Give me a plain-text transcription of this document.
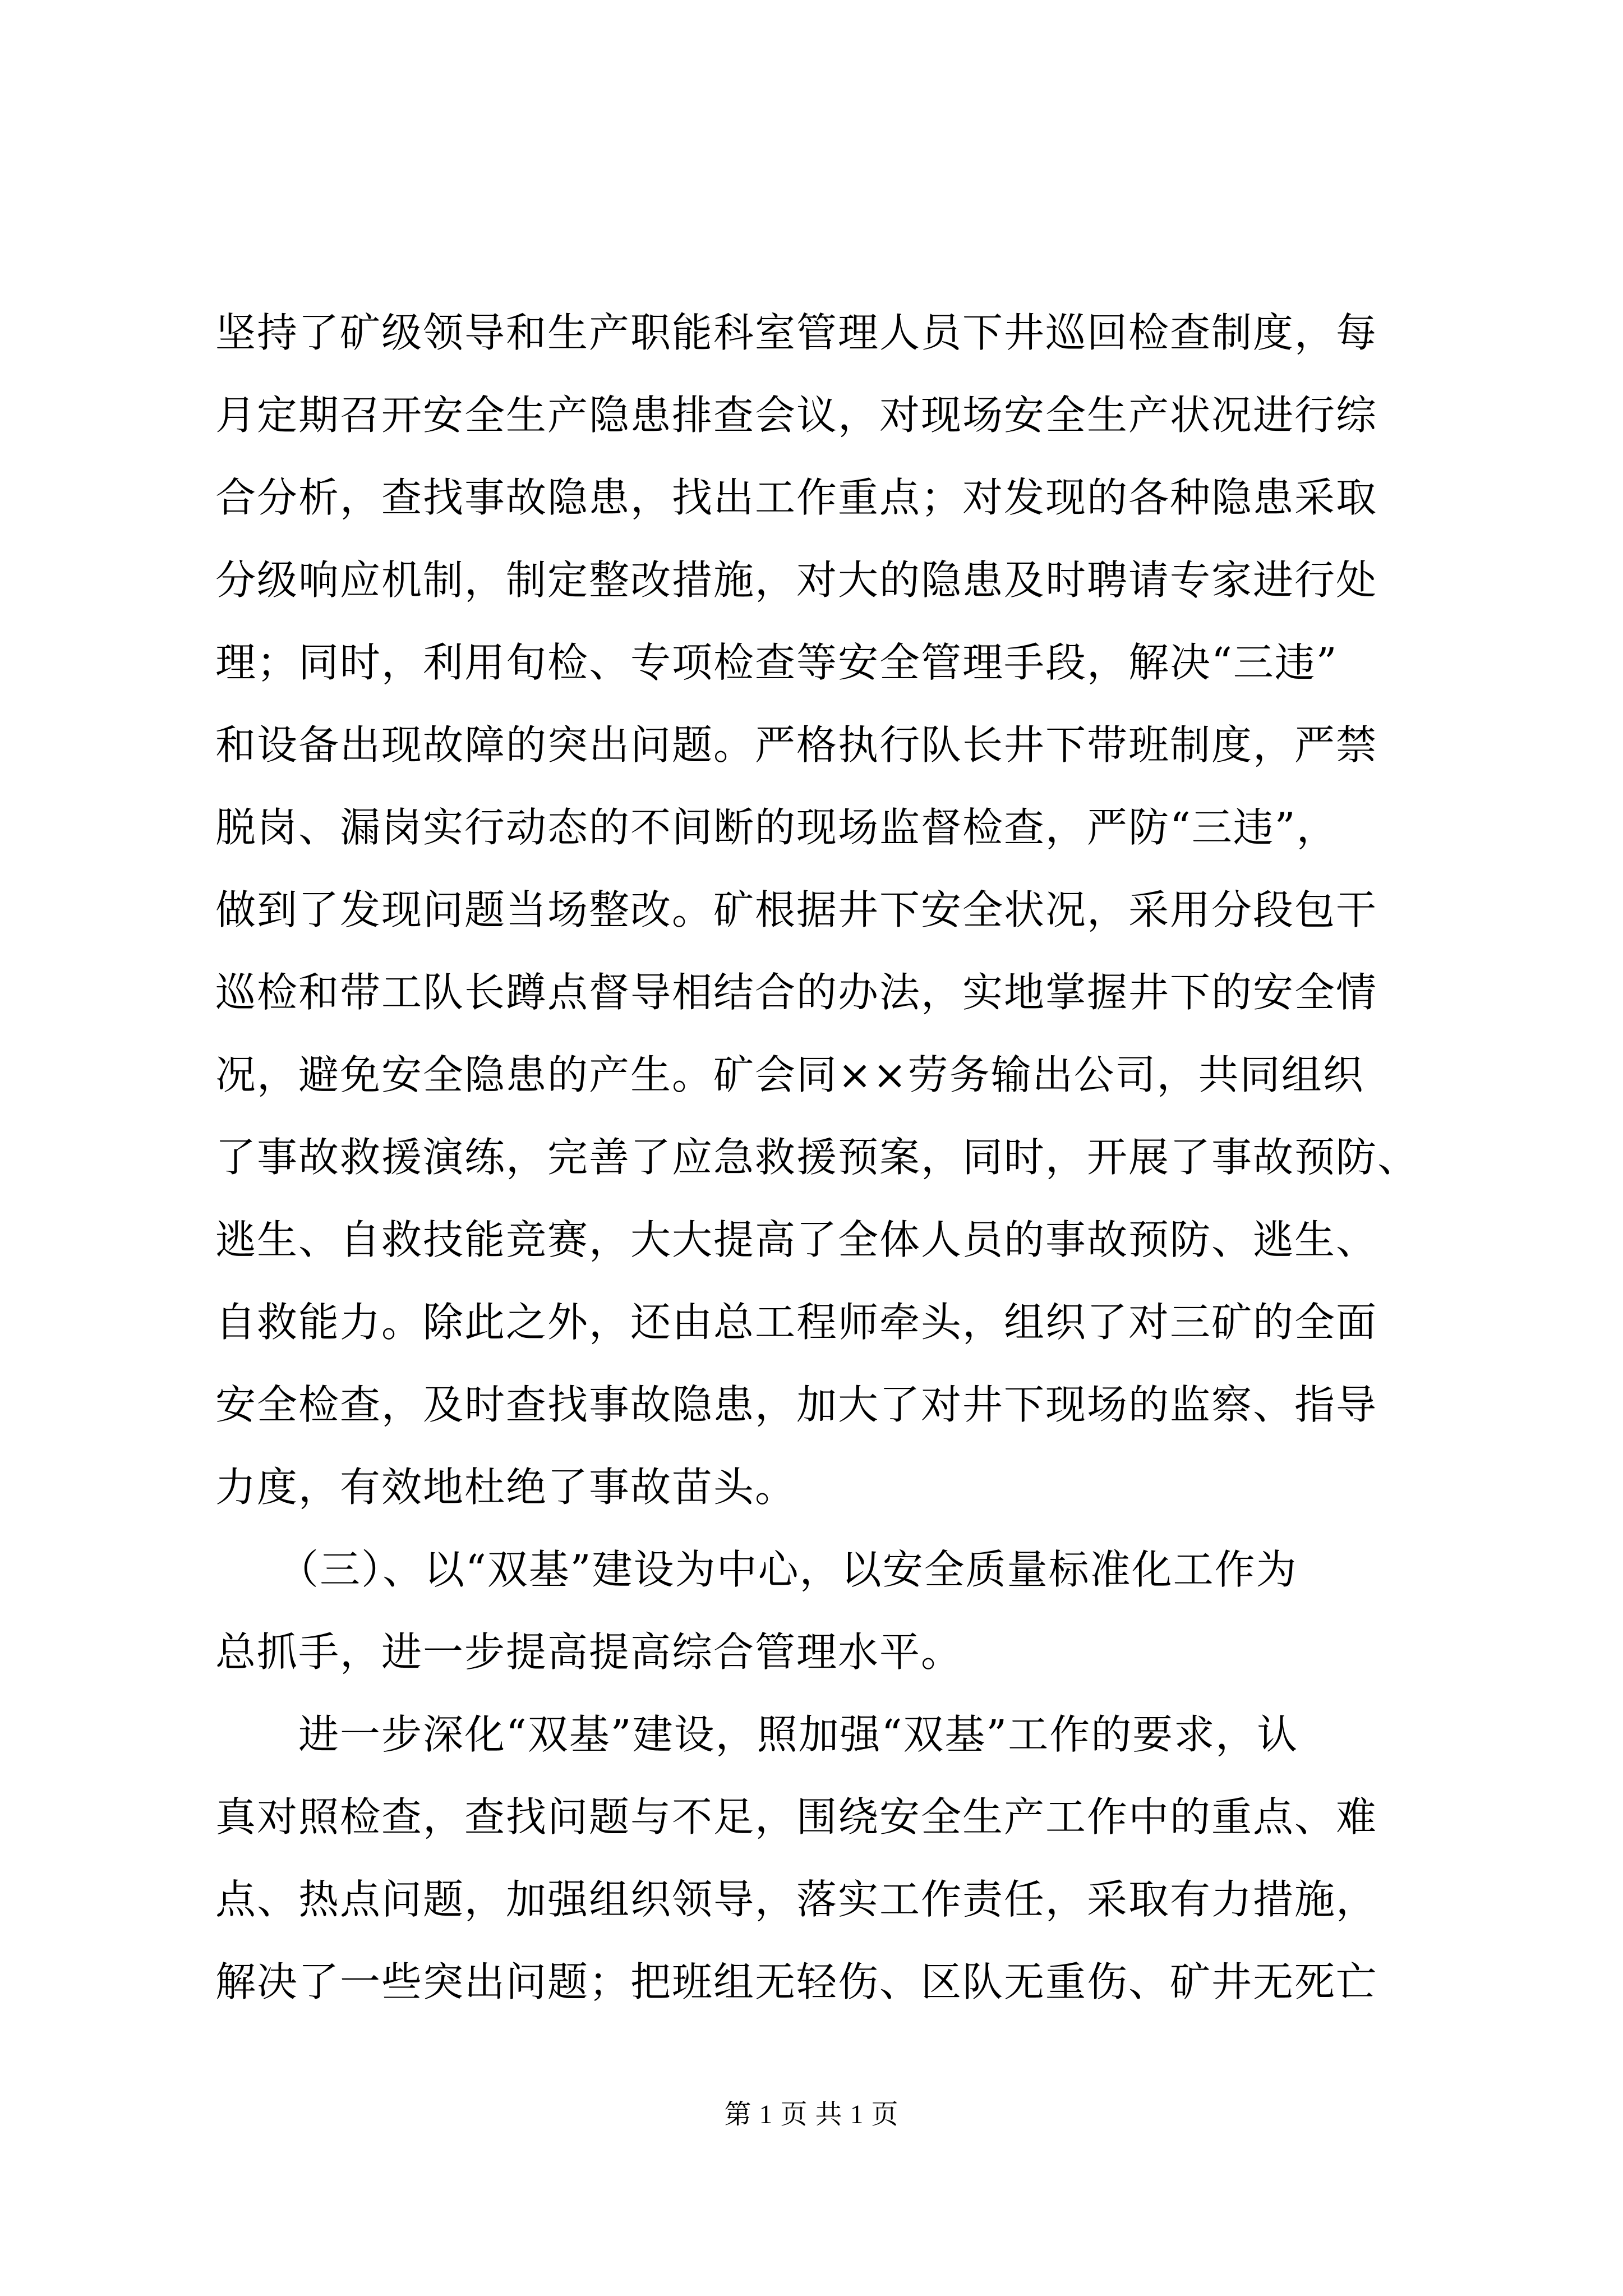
坚持了矿级领导和生产职能科室管理人员下井巡回检查制度，每
月定期召开安全生产隐患排查会议，对现场安全生产状况进行综
合分析，查找事故隐患，找出工作重点；对发现的各种隐患采取
分级响应机制，制定整改措施，对大的隐患及时聘请专家进行处
理；同时，利用旬检、专项检查等安全管理手段，解决“三违”
和设备出现故障的突出问题。严格执行队长井下带班制度，严禁
脱岗、漏岗实行动态的不间断的现场监督检查，严防“三违”，
做到了发现问题当场整改。矿根据井下安全状况，采用分段包干
巡检和带工队长蹲点督导相结合的办法，实地掌握井下的安全情
况，避免安全隐患的产生。矿会同××劳务输出公司，共同组织
了事故救援演练，完善了应急救援预案，同时，开展了事故预防、
逃生、自救技能竞赛，大大提高了全体人员的事故预防、逃生、
自救能力。除此之外，还由总工程师牵头，组织了对三矿的全面
安全检查，及时查找事故隐患，加大了对井下现场的监察、指导
力度，有效地杜绝了事故苗头。
　　（三）、以“双基”建设为中心，以安全质量标准化工作为
总抓手，进一步提高提高综合管理水平。
　　进一步深化“双基”建设，照加强“双基”工作的要求，认
真对照检查，查找问题与不足，围绕安全生产工作中的重点、难
点、热点问题，加强组织领导，落实工作责任，采取有力措施，
解决了一些突出问题；把班组无轻伤、区队无重伤、矿井无死亡
第 1 页 共 1 页
